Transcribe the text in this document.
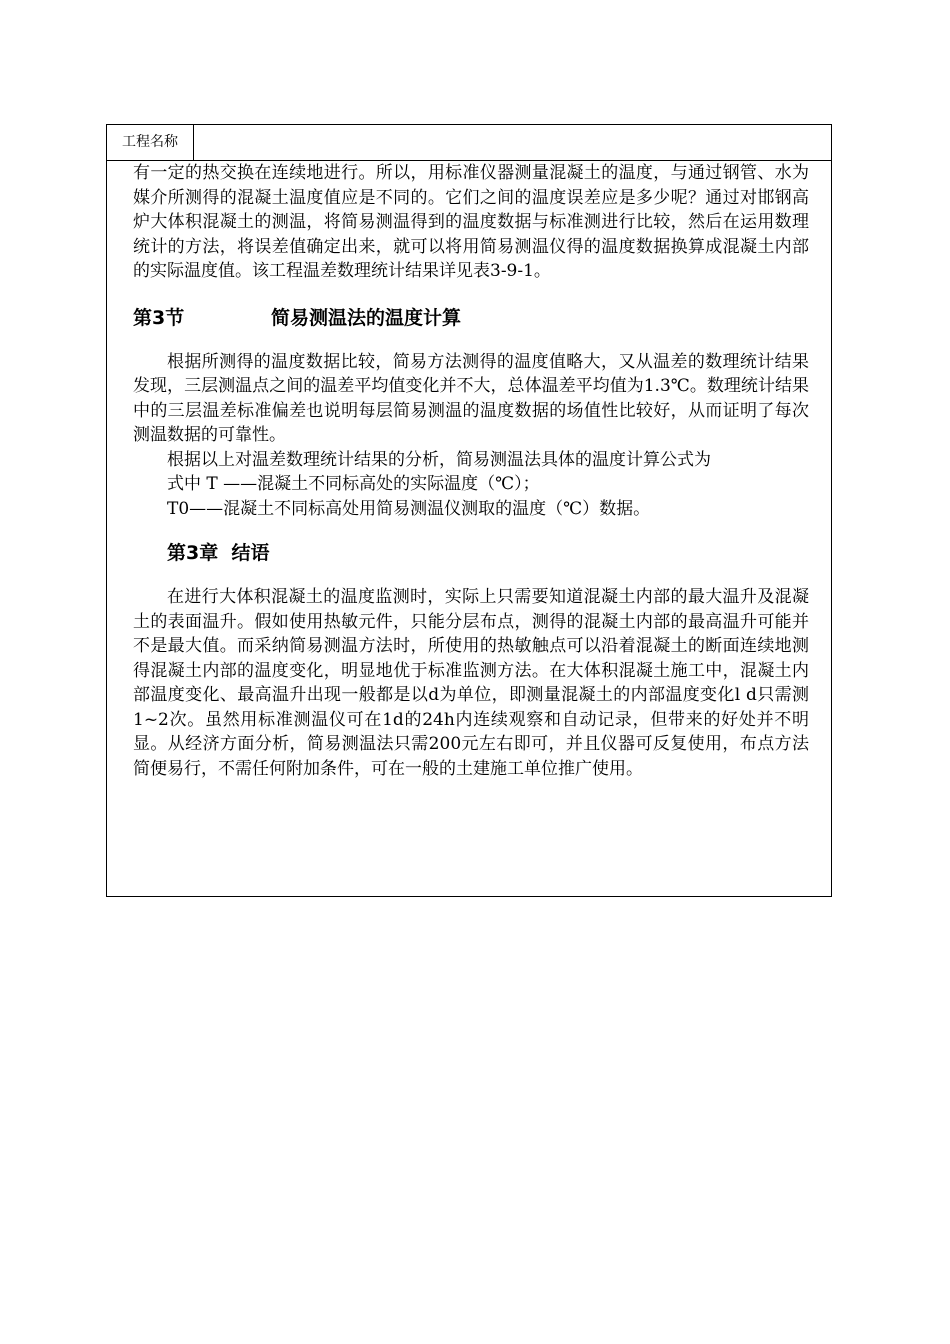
工程名称

有一定的热交换在连续地进行。所以，用标准仪器测量混凝土的温度，与通过钢管、水为媒介所测得的混凝土温度值应是不同的。它们之间的温度误差应是多少呢？通过对邯钢高炉大体积混凝土的测温，将简易测温得到的温度数据与标准测进行比较，然后在运用数理统计的方法，将误差值确定出来，就可以将用简易测温仪得的温度数据换算成混凝土内部的实际温度值。该工程温差数理统计结果详见表3-9-1。

第3节	简易测温法的温度计算

根据所测得的温度数据比较，简易方法测得的温度值略大，又从温差的数理统计结果发现，三层测温点之间的温差平均值变化并不大，总体温差平均值为1.3℃。数理统计结果中的三层温差标准偏差也说明每层简易测温的温度数据的场值性比较好，从而证明了每次测温数据的可靠性。

根据以上对温差数理统计结果的分析，简易测温法具体的温度计算公式为

式中 T ——混凝土不同标高处的实际温度（℃）；

T0——混凝土不同标高处用简易测温仪测取的温度（℃）数据。

第3章 结语

在进行大体积混凝土的温度监测时，实际上只需要知道混凝土内部的最大温升及混凝土的表面温升。假如使用热敏元件，只能分层布点，测得的混凝土内部的最高温升可能并不是最大值。而采纳简易测温方法时，所使用的热敏触点可以沿着混凝土的断面连续地测得混凝土内部的温度变化，明显地优于标准监测方法。在大体积混凝土施工中，混凝土内部温度变化、最高温升出现一般都是以d为单位，即测量混凝土的内部温度变化l d只需测1~2次。虽然用标准测温仪可在1d的24h内连续观察和自动记录，但带来的好处并不明显。从经济方面分析，简易测温法只需200元左右即可，并且仪器可反复使用，布点方法简便易行，不需任何附加条件，可在一般的土建施工单位推广使用。
